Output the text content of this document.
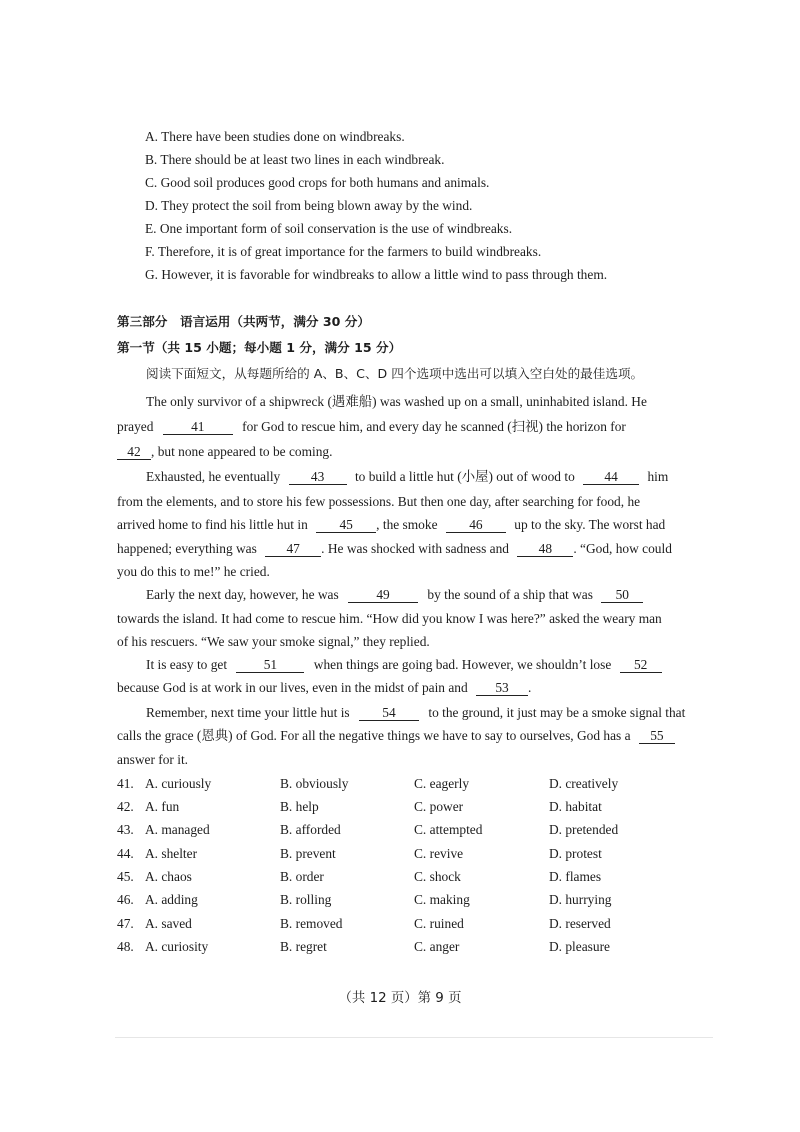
A. There have been studies done on windbreaks.
B. There should be at least two lines in each windbreak.
C. Good soil produces good crops for both humans and animals.
D. They protect the soil from being blown away by the wind.
E. One important form of soil conservation is the use of windbreaks.
F. Therefore, it is of great importance for the farmers to build windbreaks.
G. However, it is favorable for windbreaks to allow a little wind to pass through them.
第三部分　语言运用（共两节，满分 30 分）
第一节（共 15 小题；每小题 1 分，满分 15 分）
阅读下面短文，从每题所给的 A、B、C、D 四个选项中选出可以填入空白处的最佳选项。
The only survivor of a shipwreck (遇难船) was washed up on a small, uninhabited island. He
prayed	41	for God to rescue him, and every day he scanned (扫视) the horizon for
42 , but none appeared to be coming.
Exhausted, he eventually 43 to build a little hut (小屋) out of wood to 44 him
from the elements, and to store his few possessions. But then one day, after searching for food, he
arrived home to find his little hut in 45 , the smoke 46 up to the sky. The worst had
happened; everything was 47 . He was shocked with sadness and 48 . “God, how could
you do this to me!” he cried.
Early the next day, however, he was	49	by the sound of a ship that was 50
towards the island. It had come to rescue him. “How did you know I was here?” asked the weary man
of his rescuers. “We saw your smoke signal,” they replied.
It is easy to get	51	when things are going bad. However, we shouldn’t lose 52
because God is at work in our lives, even in the midst of pain and 53 .
Remember, next time your little hut is 54 to the ground, it just may be a smoke signal that
calls the grace (恩典) of God. For all the negative things we have to say to ourselves, God has a 55
answer for it.
41. A. curiously	B. obviously	C. eagerly	D. creatively
42. A. fun	B. help	C. power	D. habitat
43. A. managed	B. afforded	C. attempted	D. pretended
44. A. shelter	B. prevent	C. revive	D. protest
45. A. chaos	B. order	C. shock	D. flames
46. A. adding	B. rolling	C. making	D. hurrying
47. A. saved	B. removed	C. ruined	D. reserved
48. A. curiosity	B. regret	C. anger	D. pleasure
（共 12 页）第 9 页
